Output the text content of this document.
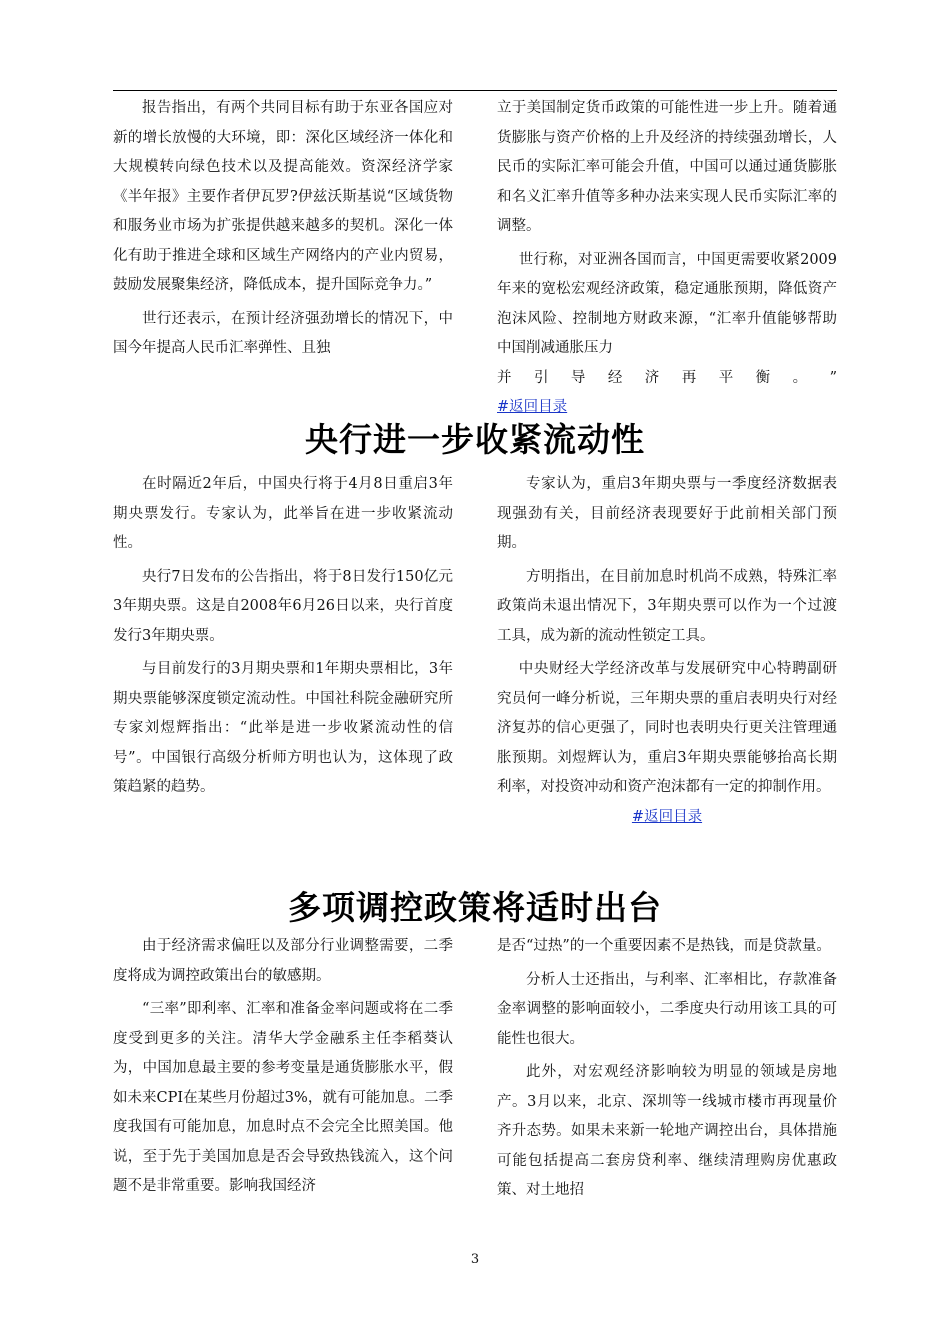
报告指出，有两个共同目标有助于东亚各国应对新的增长放慢的大环境，即：深化区域经济一体化和大规模转向绿色技术以及提高能效。资深经济学家《半年报》主要作者伊瓦罗?伊兹沃斯基说“区域货物和服务业市场为扩张提供越来越多的契机。深化一体化有助于推进全球和区域生产网络内的产业内贸易，鼓励发展聚集经济，降低成本，提升国际竞争力。”

世行还表示，在预计经济强劲增长的情况下，中国今年提高人民币汇率弹性、且独

立于美国制定货币政策的可能性进一步上升。随着通货膨胀与资产价格的上升及经济的持续强劲增长，人民币的实际汇率可能会升值，中国可以通过通货膨胀和名义汇率升值等多种办法来实现人民币实际汇率的调整。

世行称，对亚洲各国而言，中国更需要收紧2009年来的宽松宏观经济政策，稳定通胀预期，降低资产泡沫风险、控制地方财政来源，“汇率升值能够帮助中国削减通胀压力

并 引 导 经 济 再 平 衡 。 ”

#返回目录

央行进一步收紧流动性

在时隔近2年后，中国央行将于4月8日重启3年期央票发行。专家认为，此举旨在进一步收紧流动性。

央行7日发布的公告指出，将于8日发行150亿元3年期央票。这是自2008年6月26日以来，央行首度发行3年期央票。

与目前发行的3月期央票和1年期央票相比，3年期央票能够深度锁定流动性。中国社科院金融研究所专家刘煜辉指出：“此举是进一步收紧流动性的信号”。中国银行高级分析师方明也认为，这体现了政策趋紧的趋势。

专家认为，重启3年期央票与一季度经济数据表现强劲有关，目前经济表现要好于此前相关部门预期。

方明指出，在目前加息时机尚不成熟，特殊汇率政策尚未退出情况下，3年期央票可以作为一个过渡工具，成为新的流动性锁定工具。

中央财经大学经济改革与发展研究中心特聘副研究员何一峰分析说，三年期央票的重启表明央行对经济复苏的信心更强了，同时也表明央行更关注管理通胀预期。刘煜辉认为，重启3年期央票能够抬高长期利率，对投资冲动和资产泡沫都有一定的抑制作用。

#返回目录

多项调控政策将适时出台

由于经济需求偏旺以及部分行业调整需要，二季度将成为调控政策出台的敏感期。

“三率”即利率、汇率和准备金率问题或将在二季度受到更多的关注。清华大学金融系主任李稻葵认为，中国加息最主要的参考变量是通货膨胀水平，假如未来CPI在某些月份超过3%，就有可能加息。二季度我国有可能加息，加息时点不会完全比照美国。他说，至于先于美国加息是否会导致热钱流入，这个问题不是非常重要。影响我国经济

是否“过热”的一个重要因素不是热钱，而是贷款量。

分析人士还指出，与利率、汇率相比，存款准备金率调整的影响面较小，二季度央行动用该工具的可能性也很大。

此外，对宏观经济影响较为明显的领域是房地产。3月以来，北京、深圳等一线城市楼市再现量价齐升态势。如果未来新一轮地产调控出台，具体措施可能包括提高二套房贷利率、继续清理购房优惠政策、对土地招

3
